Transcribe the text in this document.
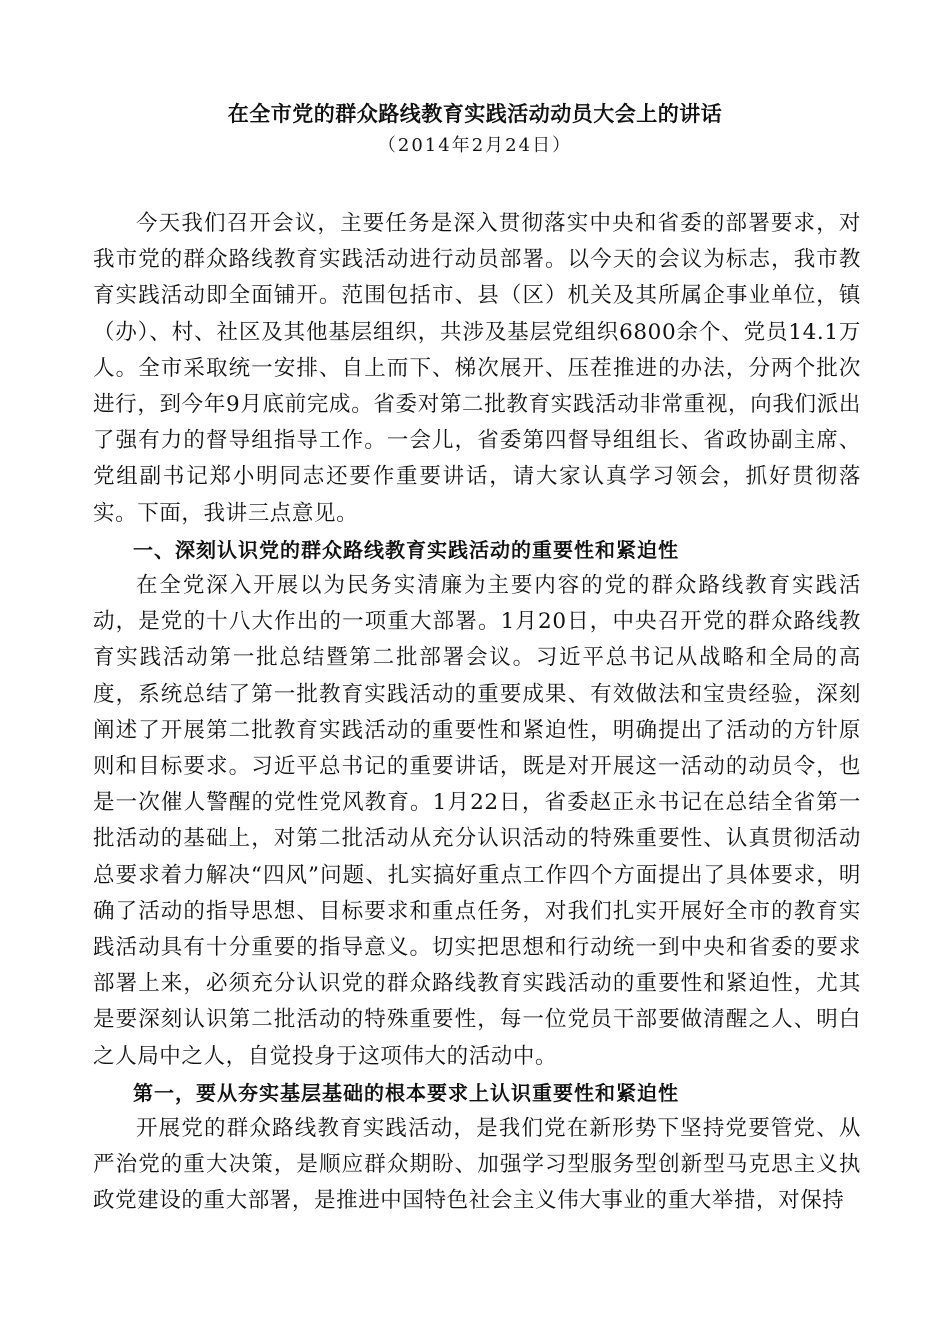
在全市党的群众路线教育实践活动动员大会上的讲话
（2014年2月24日）

今天我们召开会议，主要任务是深入贯彻落实中央和省委的部署要求，对我市党的群众路线教育实践活动进行动员部署。以今天的会议为标志，我市教育实践活动即全面铺开。范围包括市、县（区）机关及其所属企事业单位，镇（办）、村、社区及其他基层组织，共涉及基层党组织6800余个、党员14.1万人。全市采取统一安排、自上而下、梯次展开、压茬推进的办法，分两个批次进行，到今年9月底前完成。省委对第二批教育实践活动非常重视，向我们派出了强有力的督导组指导工作。一会儿，省委第四督导组组长、省政协副主席、党组副书记郑小明同志还要作重要讲话，请大家认真学习领会，抓好贯彻落实。下面，我讲三点意见。

一、深刻认识党的群众路线教育实践活动的重要性和紧迫性

在全党深入开展以为民务实清廉为主要内容的党的群众路线教育实践活动，是党的十八大作出的一项重大部署。1月20日，中央召开党的群众路线教育实践活动第一批总结暨第二批部署会议。习近平总书记从战略和全局的高度，系统总结了第一批教育实践活动的重要成果、有效做法和宝贵经验，深刻阐述了开展第二批教育实践活动的重要性和紧迫性，明确提出了活动的方针原则和目标要求。习近平总书记的重要讲话，既是对开展这一活动的动员令，也是一次催人警醒的党性党风教育。1月22日，省委赵正永书记在总结全省第一批活动的基础上，对第二批活动从充分认识活动的特殊重要性、认真贯彻活动总要求着力解决“四风”问题、扎实搞好重点工作四个方面提出了具体要求，明确了活动的指导思想、目标要求和重点任务，对我们扎实开展好全市的教育实践活动具有十分重要的指导意义。切实把思想和行动统一到中央和省委的要求部署上来，必须充分认识党的群众路线教育实践活动的重要性和紧迫性，尤其是要深刻认识第二批活动的特殊重要性，每一位党员干部要做清醒之人、明白之人局中之人，自觉投身于这项伟大的活动中。

第一，要从夯实基层基础的根本要求上认识重要性和紧迫性

开展党的群众路线教育实践活动，是我们党在新形势下坚持党要管党、从严治党的重大决策，是顺应群众期盼、加强学习型服务型创新型马克思主义执政党建设的重大部署，是推进中国特色社会主义伟大事业的重大举措，对保持
